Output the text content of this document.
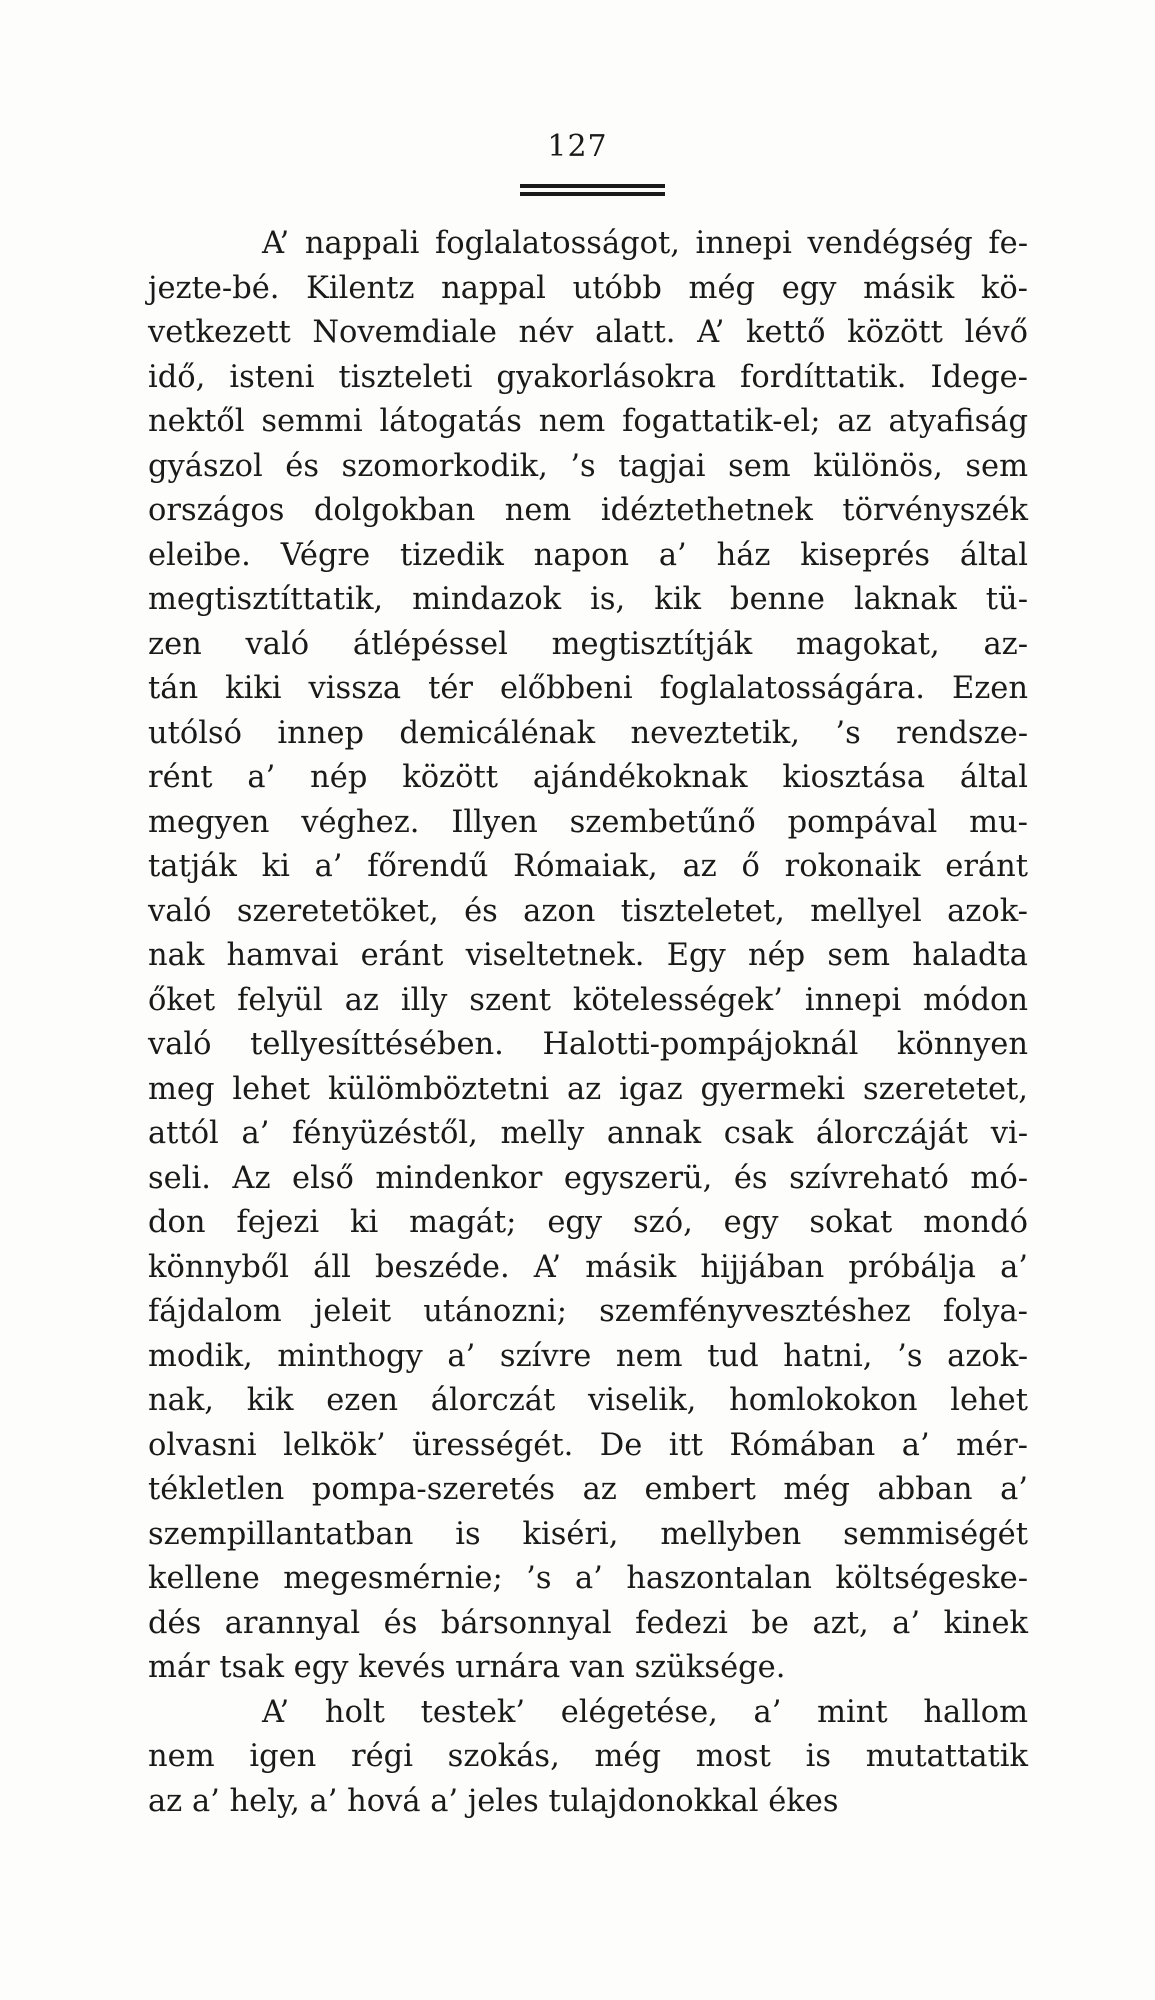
127
A’ nappali foglalatosságot, innepi vendégség fe-
jezte-bé. Kilentz nappal utóbb még egy másik kö-
vetkezett Novemdiale név alatt. A’ kettő között lévő
idő, isteni tiszteleti gyakorlásokra fordíttatik. Idege-
nektől semmi látogatás nem fogattatik-el; az atyafiság
gyászol és szomorkodik, ’s tagjai sem különös, sem
országos dolgokban nem idéztethetnek törvényszék
eleibe. Végre tizedik napon a’ ház kiseprés által
megtisztíttatik, mindazok is, kik benne laknak tü-
zen való átlépéssel megtisztítják magokat, az-
tán kiki vissza tér előbbeni foglalatosságára. Ezen
utólsó innep demicálénak neveztetik, ’s rendsze-
rént a’ nép között ajándékoknak kiosztása által
megyen véghez. Illyen szembetűnő pompával mu-
tatják ki a’ főrendű Rómaiak, az ő rokonaik eránt
való szeretetöket, és azon tiszteletet, mellyel azok-
nak hamvai eránt viseltetnek. Egy nép sem haladta
őket felyül az illy szent kötelességek’ innepi módon
való tellyesíttésében. Halotti-pompájoknál könnyen
meg lehet külömböztetni az igaz gyermeki szeretetet,
attól a’ fényüzéstől, melly annak csak álorczáját vi-
seli. Az első mindenkor egyszerü, és szívreható mó-
don fejezi ki magát; egy szó, egy sokat mondó
könnyből áll beszéde. A’ másik hijjában próbálja a’
fájdalom jeleit utánozni; szemfényvesztéshez folya-
modik, minthogy a’ szívre nem tud hatni, ’s azok-
nak, kik ezen álorczát viselik, homlokokon lehet
olvasni lelkök’ ürességét. De itt Rómában a’ mér-
tékletlen pompa-szeretés az embert még abban a’
szempillantatban is kiséri, mellyben semmiségét
kellene megesmérnie; ’s a’ haszontalan költségeske-
dés arannyal és bársonnyal fedezi be azt, a’ kinek
már tsak egy kevés urnára van szüksége.
A’ holt testek’ elégetése, a’ mint hallom
nem igen régi szokás, még most is mutattatik
az a’ hely, a’ hová a’ jeles tulajdonokkal ékes
